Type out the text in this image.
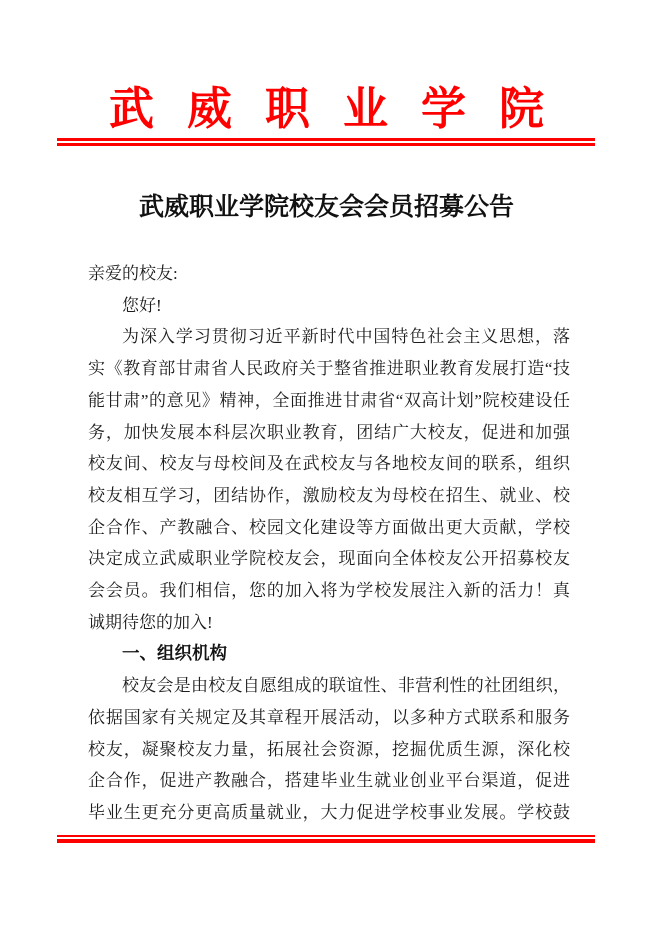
武威职业学院
武威职业学院校友会会员招募公告
亲爱的校友:
您好!
为深入学习贯彻习近平新时代中国特色社会主义思想，落
实《教育部甘肃省人民政府关于整省推进职业教育发展打造“技
能甘肃”的意见》精神，全面推进甘肃省“双高计划”院校建设任
务，加快发展本科层次职业教育，团结广大校友，促进和加强
校友间、校友与母校间及在武校友与各地校友间的联系，组织
校友相互学习，团结协作，激励校友为母校在招生、就业、校
企合作、产教融合、校园文化建设等方面做出更大贡献，学校
决定成立武威职业学院校友会，现面向全体校友公开招募校友
会会员。我们相信，您的加入将为学校发展注入新的活力！真
诚期待您的加入!
一、组织机构
校友会是由校友自愿组成的联谊性、非营利性的社团组织，
依据国家有关规定及其章程开展活动，以多种方式联系和服务
校友，凝聚校友力量，拓展社会资源，挖掘优质生源，深化校
企合作，促进产教融合，搭建毕业生就业创业平台渠道，促进
毕业生更充分更高质量就业，大力促进学校事业发展。学校鼓
